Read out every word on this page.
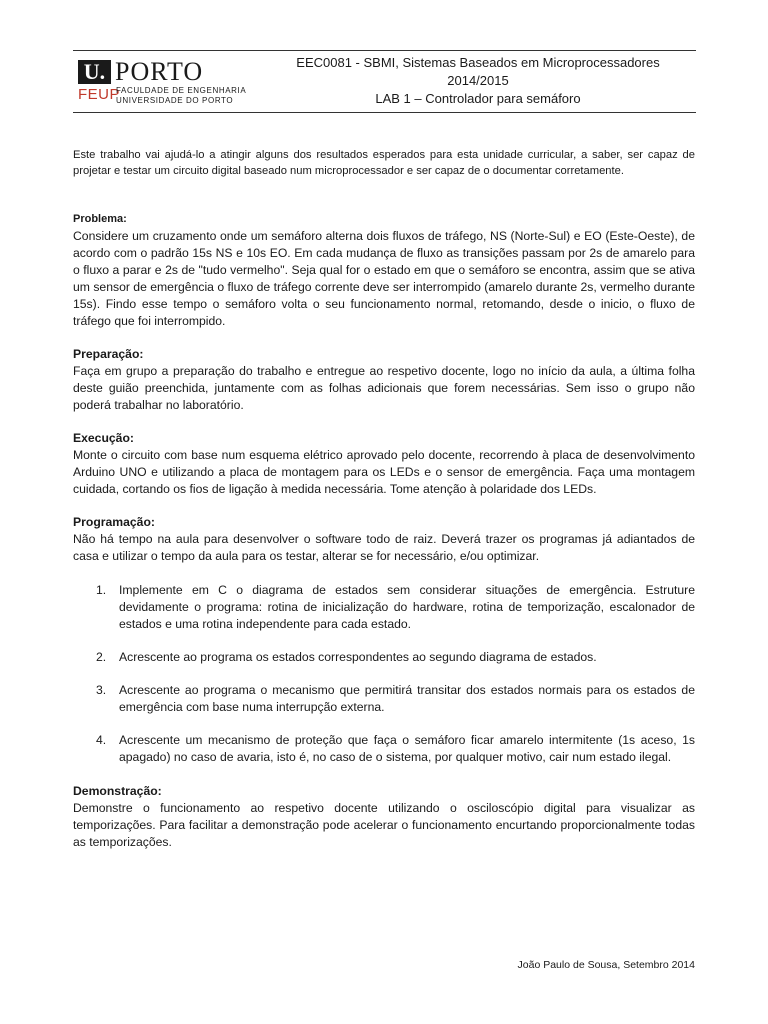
U. PORTO
FEUP
FACULDADE DE ENGENHARIA
UNIVERSIDADE DO PORTO
EEC0081 - SBMI, Sistemas Baseados em Microprocessadores
2014/2015
LAB 1 – Controlador para semáforo

Este trabalho vai ajudá-lo a atingir alguns dos resultados esperados para esta unidade curricular, a saber, ser capaz de projetar e testar um circuito digital baseado num microprocessador e ser capaz de o documentar corretamente.

Problema:

Considere um cruzamento onde um semáforo alterna dois fluxos de tráfego, NS (Norte-Sul) e EO (Este-Oeste), de acordo com o padrão 15s NS e 10s EO. Em cada mudança de fluxo as transições passam por 2s de amarelo para o fluxo a parar e 2s de "tudo vermelho". Seja qual for o estado em que o semáforo se encontra, assim que se ativa um sensor de emergência o fluxo de tráfego corrente deve ser interrompido (amarelo durante 2s, vermelho durante 15s). Findo esse tempo o semáforo volta o seu funcionamento normal, retomando, desde o inicio, o fluxo de tráfego que foi interrompido.

Preparação:

Faça em grupo a preparação do trabalho e entregue ao respetivo docente, logo no início da aula, a última folha deste guião preenchida, juntamente com as folhas adicionais que forem necessárias. Sem isso o grupo não poderá trabalhar no laboratório.

Execução:

Monte o circuito com base num esquema elétrico aprovado pelo docente, recorrendo à placa de desenvolvimento Arduino UNO e utilizando a placa de montagem para os LEDs e o sensor de emergência. Faça uma montagem cuidada, cortando os fios de ligação à medida necessária. Tome atenção à polaridade dos LEDs.

Programação:

Não há tempo na aula para desenvolver o software todo de raiz. Deverá trazer os programas já adiantados de casa e utilizar o tempo da aula para os testar, alterar se for necessário, e/ou optimizar.

1. Implemente em C o diagrama de estados sem considerar situações de emergência. Estruture devidamente o programa: rotina de inicialização do hardware, rotina de temporização, escalonador de estados e uma rotina independente para cada estado.
2. Acrescente ao programa os estados correspondentes ao segundo diagrama de estados.
3. Acrescente ao programa o mecanismo que permitirá transitar dos estados normais para os estados de emergência com base numa interrupção externa.
4. Acrescente um mecanismo de proteção que faça o semáforo ficar amarelo intermitente (1s aceso, 1s apagado) no caso de avaria, isto é, no caso de o sistema, por qualquer motivo, cair num estado ilegal.
Demonstração:

Demonstre o funcionamento ao respetivo docente utilizando o osciloscópio digital para visualizar as temporizações. Para facilitar a demonstração pode acelerar o funcionamento encurtando proporcionalmente todas as temporizações.

João Paulo de Sousa, Setembro 2014
